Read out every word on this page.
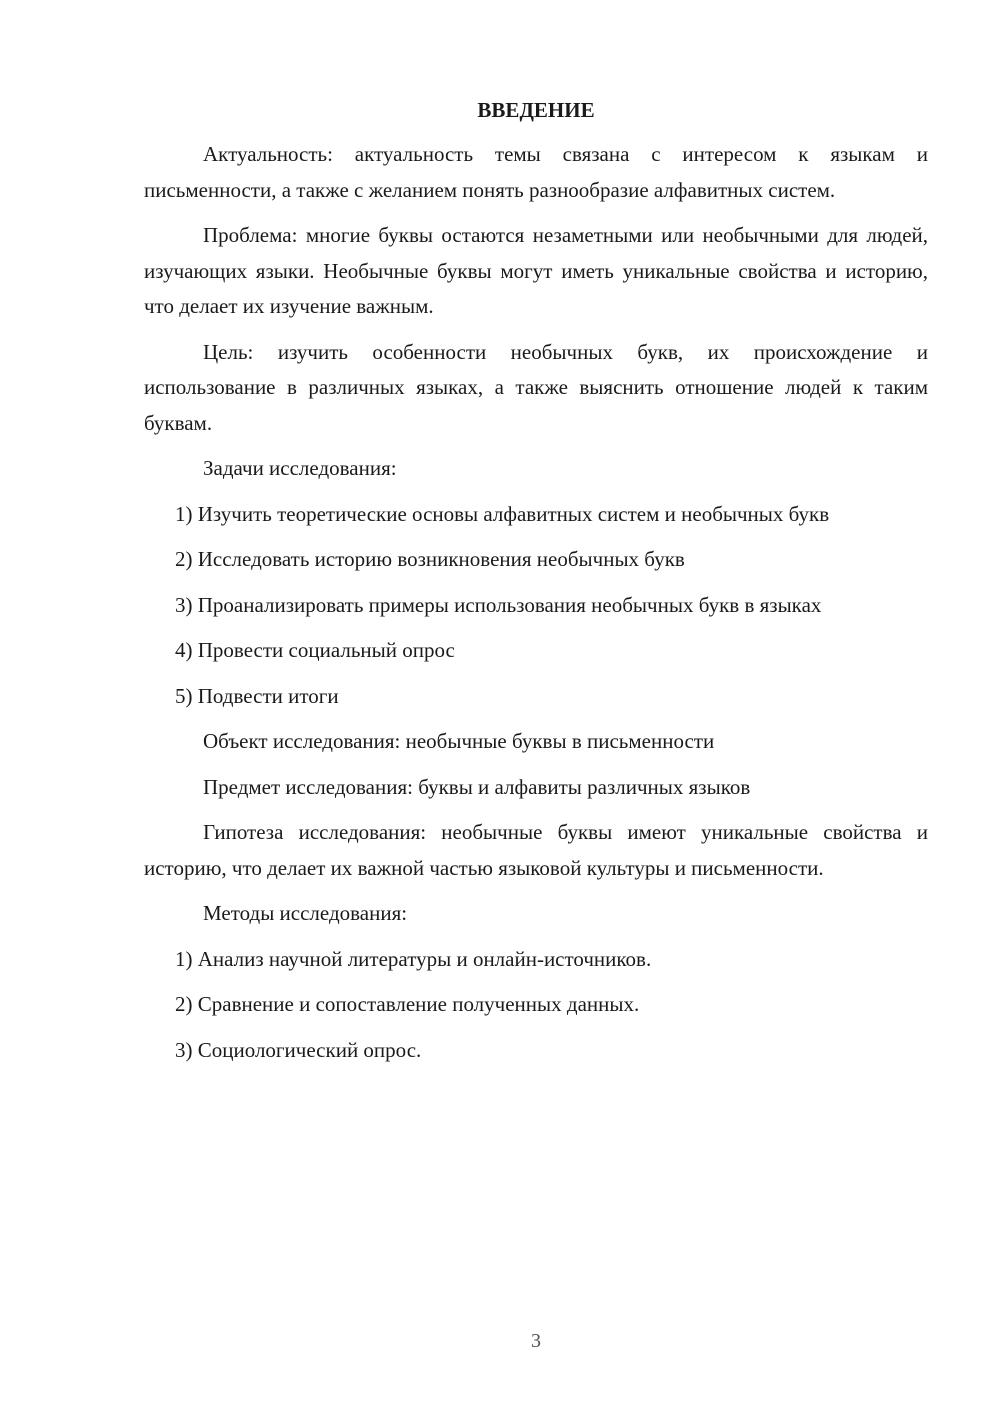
ВВЕДЕНИЕ

Актуальность: актуальность темы связана с интересом к языкам и письменности, а также с желанием понять разнообразие алфавитных систем.

Проблема: многие буквы остаются незаметными или необычными для людей, изучающих языки. Необычные буквы могут иметь уникальные свойства и историю, что делает их изучение важным.

Цель: изучить особенности необычных букв, их происхождение и использование в различных языках, а также выяснить отношение людей к таким буквам.

Задачи исследования:

1) Изучить теоретические основы алфавитных систем и необычных букв

2) Исследовать историю возникновения необычных букв

3) Проанализировать примеры использования необычных букв в языках

4) Провести социальный опрос

5) Подвести итоги

Объект исследования: необычные буквы в письменности

Предмет исследования: буквы и алфавиты различных языков

Гипотеза исследования: необычные буквы имеют уникальные свойства и историю, что делает их важной частью языковой культуры и письменности.

Методы исследования:

1) Анализ научной литературы и онлайн-источников.

2) Сравнение и сопоставление полученных данных.

3) Социологический опрос.

3
